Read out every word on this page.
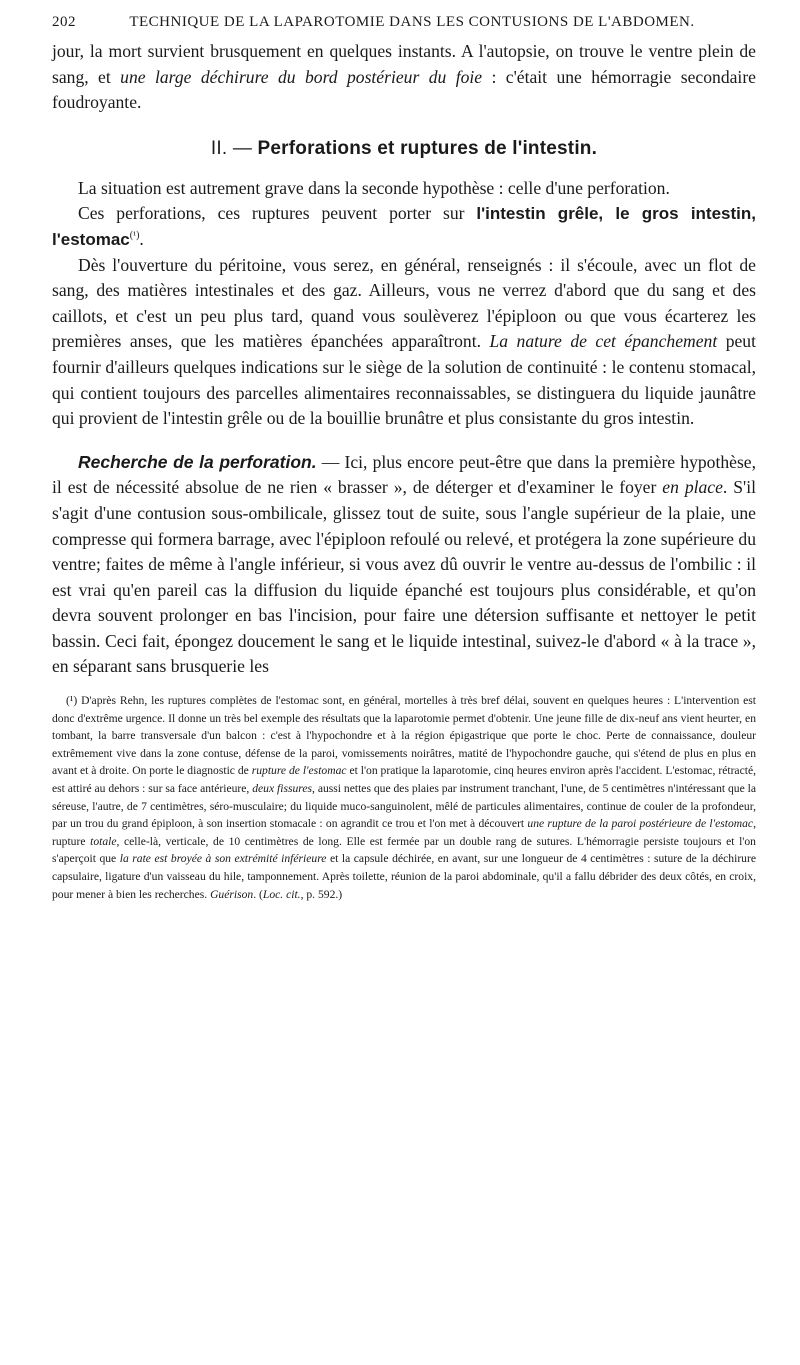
202	TECHNIQUE DE LA LAPAROTOMIE DANS LES CONTUSIONS DE L'ABDOMEN.

jour, la mort survient brusquement en quelques instants. A l'autopsie, on trouve le ventre plein de sang, et une large déchirure du bord postérieur du foie : c'était une hémorragie secondaire foudroyante.

II. — Perforations et ruptures de l'intestin.

La situation est autrement grave dans la seconde hypothèse : celle d'une perforation.

Ces perforations, ces ruptures peuvent porter sur l'intestin grêle, le gros intestin, l'estomac$^{(^1)}$.

Dès l'ouverture du péritoine, vous serez, en général, renseignés : il s'écoule, avec un flot de sang, des matières intestinales et des gaz. Ailleurs, vous ne verrez d'abord que du sang et des caillots, et c'est un peu plus tard, quand vous soulèverez l'épiploon ou que vous écarterez les premières anses, que les matières épanchées apparaîtront. La nature de cet épanchement peut fournir d'ailleurs quelques indications sur le siège de la solution de continuité : le contenu stomacal, qui contient toujours des parcelles alimentaires reconnaissables, se distinguera du liquide jaunâtre qui provient de l'intestin grêle ou de la bouillie brunâtre et plus consistante du gros intestin.

Recherche de la perforation. — Ici, plus encore peut-être que dans la première hypothèse, il est de nécessité absolue de ne rien « brasser », de déterger et d'examiner le foyer en place. S'il s'agit d'une contusion sous-ombilicale, glissez tout de suite, sous l'angle supérieur de la plaie, une compresse qui formera barrage, avec l'épiploon refoulé ou relevé, et protégera la zone supérieure du ventre; faites de même à l'angle inférieur, si vous avez dû ouvrir le ventre au-dessus de l'ombilic : il est vrai qu'en pareil cas la diffusion du liquide épanché est toujours plus considérable, et qu'on devra souvent prolonger en bas l'incision, pour faire une détersion suffisante et nettoyer le petit bassin. Ceci fait, épongez doucement le sang et le liquide intestinal, suivez-le d'abord « à la trace », en séparant sans brusquerie les

(¹) D'après Rehn, les ruptures complètes de l'estomac sont, en général, mortelles à très bref délai, souvent en quelques heures : L'intervention est donc d'extrême urgence. Il donne un très bel exemple des résultats que la laparotomie permet d'obtenir. Une jeune fille de dix-neuf ans vient heurter, en tombant, la barre transversale d'un balcon : c'est à l'hypochondre et à la région épigastrique que porte le choc. Perte de connaissance, douleur extrêmement vive dans la zone contuse, défense de la paroi, vomissements noirâtres, matité de l'hypochondre gauche, qui s'étend de plus en plus en avant et à droite. On porte le diagnostic de rupture de l'estomac et l'on pratique la laparotomie, cinq heures environ après l'accident. L'estomac, rétracté, est attiré au dehors : sur sa face antérieure, deux fissures, aussi nettes que des plaies par instrument tranchant, l'une, de 5 centimètres n'intéressant que la séreuse, l'autre, de 7 centimètres, séro-musculaire; du liquide muco-sanguinolent, mêlé de particules alimentaires, continue de couler de la profondeur, par un trou du grand épiploon, à son insertion stomacale : on agrandit ce trou et l'on met à découvert une rupture de la paroi postérieure de l'estomac, rupture totale, celle-là, verticale, de 10 centimètres de long. Elle est fermée par un double rang de sutures. L'hémorragie persiste toujours et l'on s'aperçoit que la rate est broyée à son extrémité inférieure et la capsule déchirée, en avant, sur une longueur de 4 centimètres : suture de la déchirure capsulaire, ligature d'un vaisseau du hile, tamponnement. Après toilette, réunion de la paroi abdominale, qu'il a fallu débrider des deux côtés, en croix, pour mener à bien les recherches. Guérison. (Loc. cit., p. 592.)
